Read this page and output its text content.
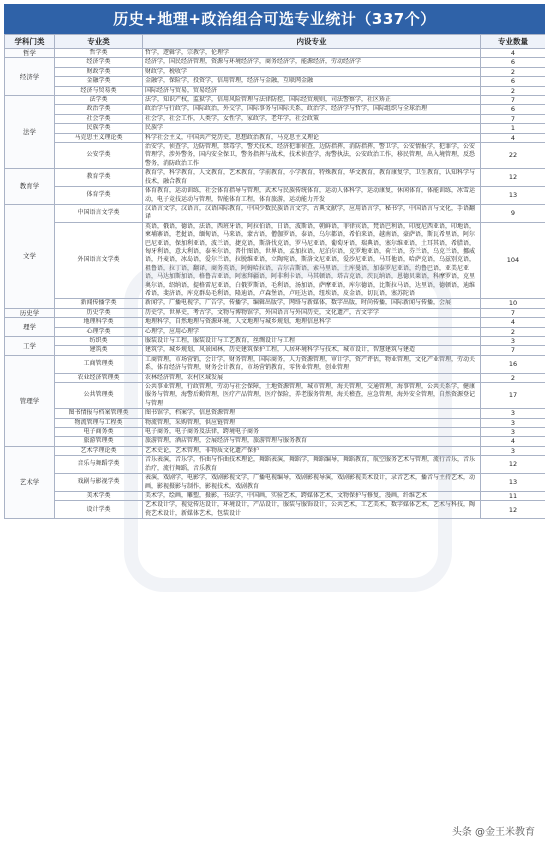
历史+地理+政治组合可选专业统计（337个）
学科门类	专业类	内设专业	专业数量
哲学	哲学类	哲学，逻辑学，宗教学，伦理学	4
经济学	经济学类	经济学，国民经济管理，资源与环境经济学，商务经济学，能源经济，劳动经济学	6
	财政学类	财政学，税收学	2
	金融学类	金融学，保险学，投资学，信用管理，经济与金融，互联网金融	6
	经济与贸易类	国际经济与贸易，贸易经济	2
法学	法学类	法学，知识产权，监狱学，信用风险管理与法律防控，国际经贸规则，司法警察学，社区矫正	7
	政治学类	政治学与行政学，国际政治，外交学，国际事务与国际关系，政治学、经济学与哲学，国际组织与全球治理	6
	社会学类	社会学，社会工作，人类学，女性学，家政学，老年学，社会政策	7
	民族学类	民族学	1
	马克思主义理论类	科学社会主义，中国共产党历史，思想政治教育，马克思主义理论	4
	公安学类	治安学，侦查学，边防管理，禁毒学，警犬技术，经济犯罪侦查，边防指挥，消防指挥，警卫学，公安情报学，犯罪学，公安管理学，涉外警务，国内安全保卫，警务指挥与战术，技术侦查学，海警执法，公安政治工作，移民管理，出入境管理，反恐警务，消防政治工作	22
教育学	教育学类	教育学，科学教育，人文教育，艺术教育，学前教育，小学教育，特殊教育，华文教育，教育康复学，卫生教育，认知科学与技术，融合教育	12
	体育学类	体育教育，运动训练，社会体育指导与管理，武术与民族传统体育，运动人体科学，运动康复，休闲体育，体能训练，冰雪运动，电子竞技运动与管理，智能体育工程，体育旅游，运动能力开发	13
文学	中国语言文学类	汉语言文学，汉语言，汉语国际教育，中国少数民族语言文学，古典文献学，应用语言学，秘书学，中国语言与文化，手语翻译	9
	外国语言文学类	英语，俄语，德语，法语，西班牙语，阿拉伯语，日语，波斯语，朝鲜语，菲律宾语，梵语巴利语，印度尼西亚语，印地语，柬埔寨语，老挝语，缅甸语，马来语，蒙古语，僧伽罗语，泰语，乌尔都语，希伯来语，越南语，豪萨语，斯瓦希里语，阿尔巴尼亚语，保加利亚语，波兰语，捷克语，斯洛伐克语，罗马尼亚语，葡萄牙语，瑞典语，塞尔维亚语，土耳其语，希腊语，匈牙利语，意大利语，泰米尔语，普什图语，世界语，孟加拉语，尼泊尔语，克罗地亚语，荷兰语，芬兰语，乌克兰语，挪威语，丹麦语，冰岛语，爱尔兰语，拉脱维亚语，立陶宛语，斯洛文尼亚语，爱沙尼亚语，马耳他语，哈萨克语，乌兹别克语，祖鲁语，拉丁语，翻译，商务英语，阿姆哈拉语，吉尔吉斯语，索马里语，土库曼语，加泰罗尼亚语，约鲁巴语，亚美尼亚语，马达加斯加语，格鲁吉亚语，阿塞拜疆语，阿非利卡语，马其顿语，塔吉克语，茨瓦纳语，恩德贝莱语，科摩罗语，克里奥尔语，绍纳语，提格雷尼亚语，白俄罗斯语，毛利语，汤加语，萨摩亚语，库尔德语，比斯拉马语，达里语，德顿语，迪维希语，斐济语，库克群岛毛利语，隆迪语，卢森堡语，卢旺达语，纽埃语，皮金语，切瓦语，塞苏陀语	104
	新闻传播学类	新闻学，广播电视学，广告学，传播学，编辑出版学，网络与新媒体，数字出版，时尚传播，国际新闻与传播，会展	10
历史学	历史学类	历史学，世界史，考古学，文物与博物馆学，外国语言与外国历史，文化遗产，古文字学	7
理学	地理科学类	地理科学，自然地理与资源环境，人文地理与城乡规划，地理信息科学	4
	心理学类	心理学，应用心理学	2
工学	纺织类	服装设计与工程，服装设计与工艺教育，丝绸设计与工程	3
	建筑类	建筑学，城乡规划，风景园林，历史建筑保护工程，人居环境科学与技术，城市设计，智慧建筑与建造	7
管理学	工商管理类	工商管理，市场营销，会计学，财务管理，国际商务，人力资源管理，审计学，资产评估，物业管理，文化产业管理，劳动关系，体育经济与管理，财务会计教育，市场营销教育，零售业管理，创业管理	16
	农业经济管理类	农林经济管理，农村区域发展	2
	公共管理类	公共事业管理，行政管理，劳动与社会保障，土地资源管理，城市管理，海关管理，交通管理，海事管理，公共关系学，健康服务与管理，海警后勤管理，医疗产品管理，医疗保险，养老服务管理，海关稽查，应急管理，海外安全管理，自然资源登记与管理	17
	图书情报与档案管理类	图书馆学，档案学，信息资源管理	3
	物流管理与工程类	物流管理，采购管理，供应链管理	3
	电子商务类	电子商务，电子商务及法律，跨境电子商务	3
	旅游管理类	旅游管理，酒店管理，会展经济与管理，旅游管理与服务教育	4
艺术学	艺术学理论类	艺术史论，艺术管理，非物质文化遗产保护	3
	音乐与舞蹈学类	音乐表演，音乐学，作曲与作曲技术理论，舞蹈表演，舞蹈学，舞蹈编导，舞蹈教育，航空服务艺术与管理，流行音乐，音乐治疗，流行舞蹈，音乐教育	12
	戏剧与影视学类	表演，戏剧学，电影学，戏剧影视文学，广播电视编导，戏剧影视导演，戏剧影视美术设计，录音艺术，播音与主持艺术，动画，影视摄影与制作，影视技术，戏剧教育	13
	美术学类	美术学，绘画，雕塑，摄影，书法学，中国画，实验艺术，跨媒体艺术，文物保护与修复，漫画，纤维艺术	11
	设计学类	艺术设计学，视觉传达设计，环境设计，产品设计，服装与服饰设计，公共艺术，工艺美术，数字媒体艺术，艺术与科技，陶瓷艺术设计，新媒体艺术，包装设计	12
头条 @金王米教育
